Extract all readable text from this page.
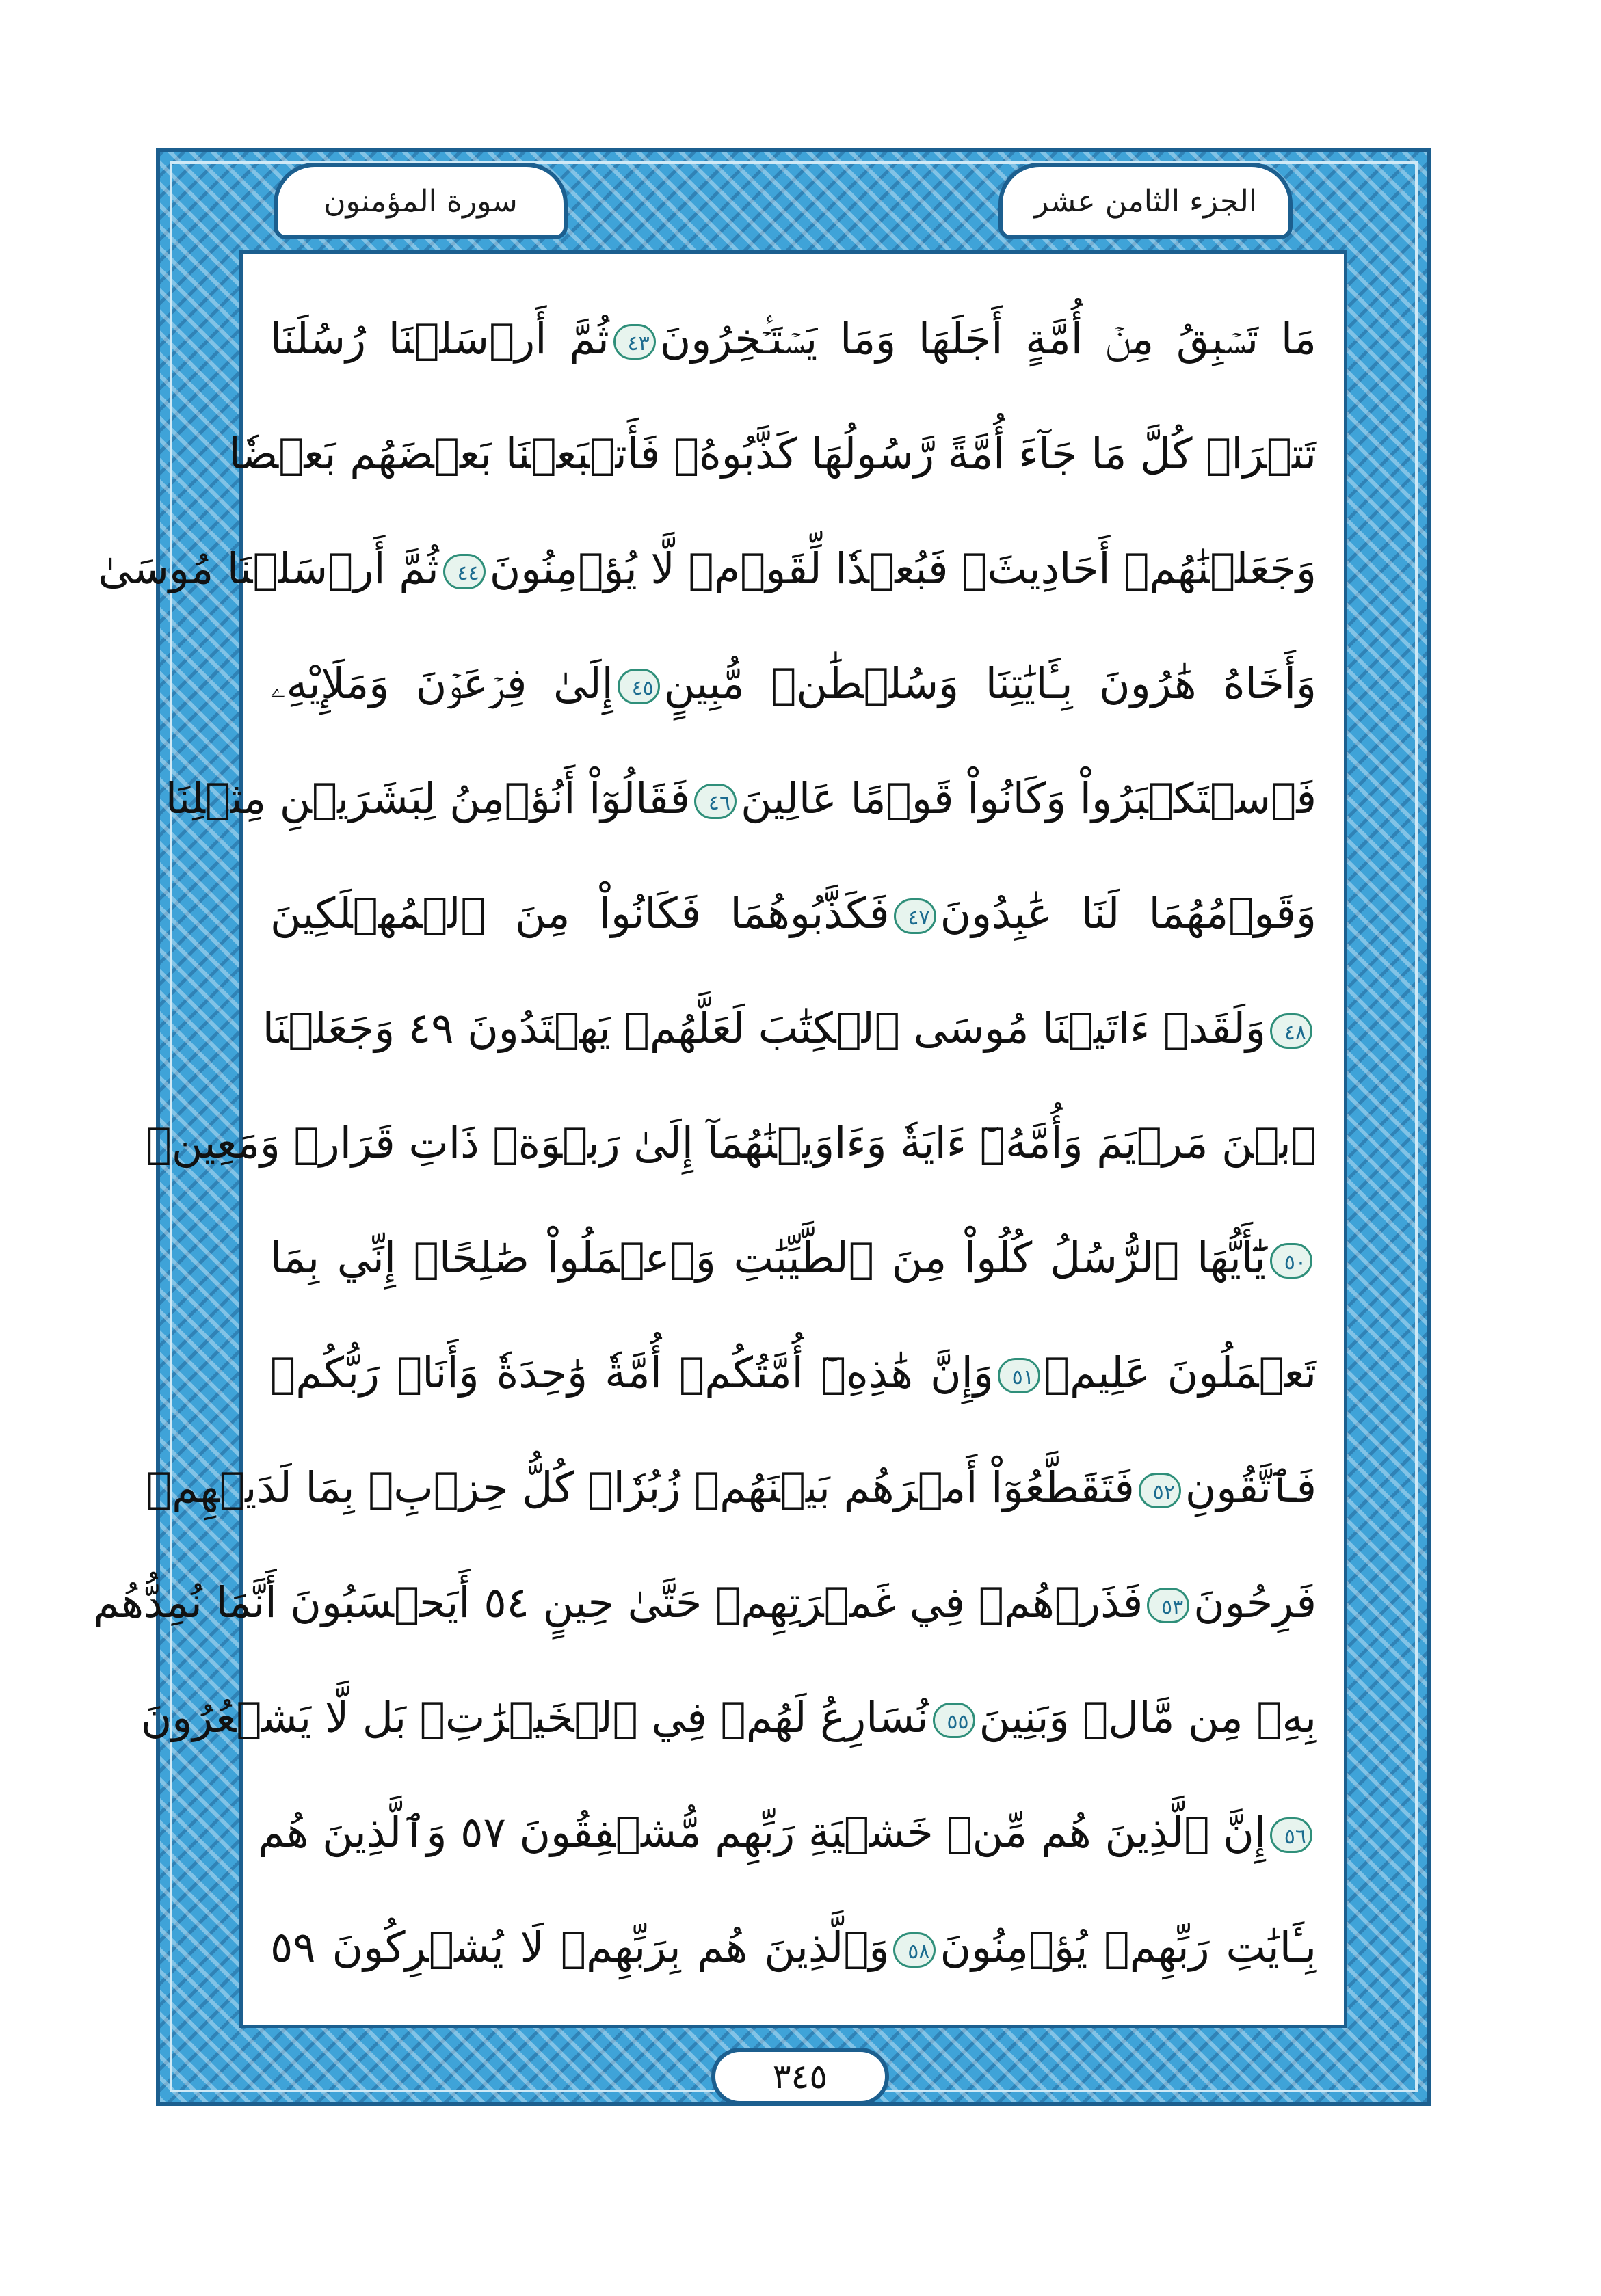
الجزء الثامن عشر
سورة المؤمنون
مَا تَسۡبِقُ مِنۡ أُمَّةٍ أَجَلَهَا وَمَا يَسۡتَـٔۡخِرُونَ٤٣ثُمَّ أَرۡسَلۡنَا رُسُلَنَا
تَتۡرَاۖ كُلَّ مَا جَآءَ أُمَّةً رَّسُولُهَا كَذَّبُوهُۖ فَأَتۡبَعۡنَا بَعۡضَهُم بَعۡضٗا
وَجَعَلۡنَٰهُمۡ أَحَادِيثَۚ فَبُعۡدٗا لِّقَوۡمٖ لَّا يُؤۡمِنُونَ٤٤ثُمَّ أَرۡسَلۡنَا مُوسَىٰ
وَأَخَاهُ هَٰرُونَ بِـَٔايَٰتِنَا وَسُلۡطَٰنٖ مُّبِينٍ٤٥إِلَىٰ فِرۡعَوۡنَ وَمَلَإِيْهِۦ
فَٱسۡتَكۡبَرُواْ وَكَانُواْ قَوۡمًا عَالِينَ٤٦فَقَالُوٓاْ أَنُؤۡمِنُ لِبَشَرَيۡنِ مِثۡلِنَا
وَقَوۡمُهُمَا لَنَا عَٰبِدُونَ٤٧فَكَذَّبُوهُمَا فَكَانُواْ مِنَ ٱلۡمُهۡلَكِينَ
٤٨وَلَقَدۡ ءَاتَيۡنَا مُوسَى ٱلۡكِتَٰبَ لَعَلَّهُمۡ يَهۡتَدُونَ ٤٩ وَجَعَلۡنَا
ٱبۡنَ مَرۡيَمَ وَأُمَّهُۥٓ ءَايَةٗ وَءَاوَيۡنَٰهُمَآ إِلَىٰ رَبۡوَةٖ ذَاتِ قَرَارٖ وَمَعِينٖ
٥٠يَٰٓأَيُّهَا ٱلرُّسُلُ كُلُواْ مِنَ ٱلطَّيِّبَٰتِ وَٱعۡمَلُواْ صَٰلِحًاۖ إِنِّي بِمَا
تَعۡمَلُونَ عَلِيمٞ٥١وَإِنَّ هَٰذِهِۦٓ أُمَّتُكُمۡ أُمَّةٗ وَٰحِدَةٗ وَأَنَا۠ رَبُّكُمۡ
فَٱتَّقُونِ٥٢فَتَقَطَّعُوٓاْ أَمۡرَهُم بَيۡنَهُمۡ زُبُرٗاۖ كُلُّ حِزۡبِۭ بِمَا لَدَيۡهِمۡ
فَرِحُونَ٥٣فَذَرۡهُمۡ فِي غَمۡرَتِهِمۡ حَتَّىٰ حِينٍ ٥٤ أَيَحۡسَبُونَ أَنَّمَا نُمِدُّهُم
بِهِۦ مِن مَّالٖ وَبَنِينَ٥٥نُسَارِعُ لَهُمۡ فِي ٱلۡخَيۡرَٰتِۚ بَل لَّا يَشۡعُرُونَ
٥٦إِنَّ ٱلَّذِينَ هُم مِّنۡ خَشۡيَةِ رَبِّهِم مُّشۡفِقُونَ ٥٧ وَٱلَّذِينَ هُم
بِـَٔايَٰتِ رَبِّهِمۡ يُؤۡمِنُونَ٥٨وَٱلَّذِينَ هُم بِرَبِّهِمۡ لَا يُشۡرِكُونَ ٥٩
٣٤٥
